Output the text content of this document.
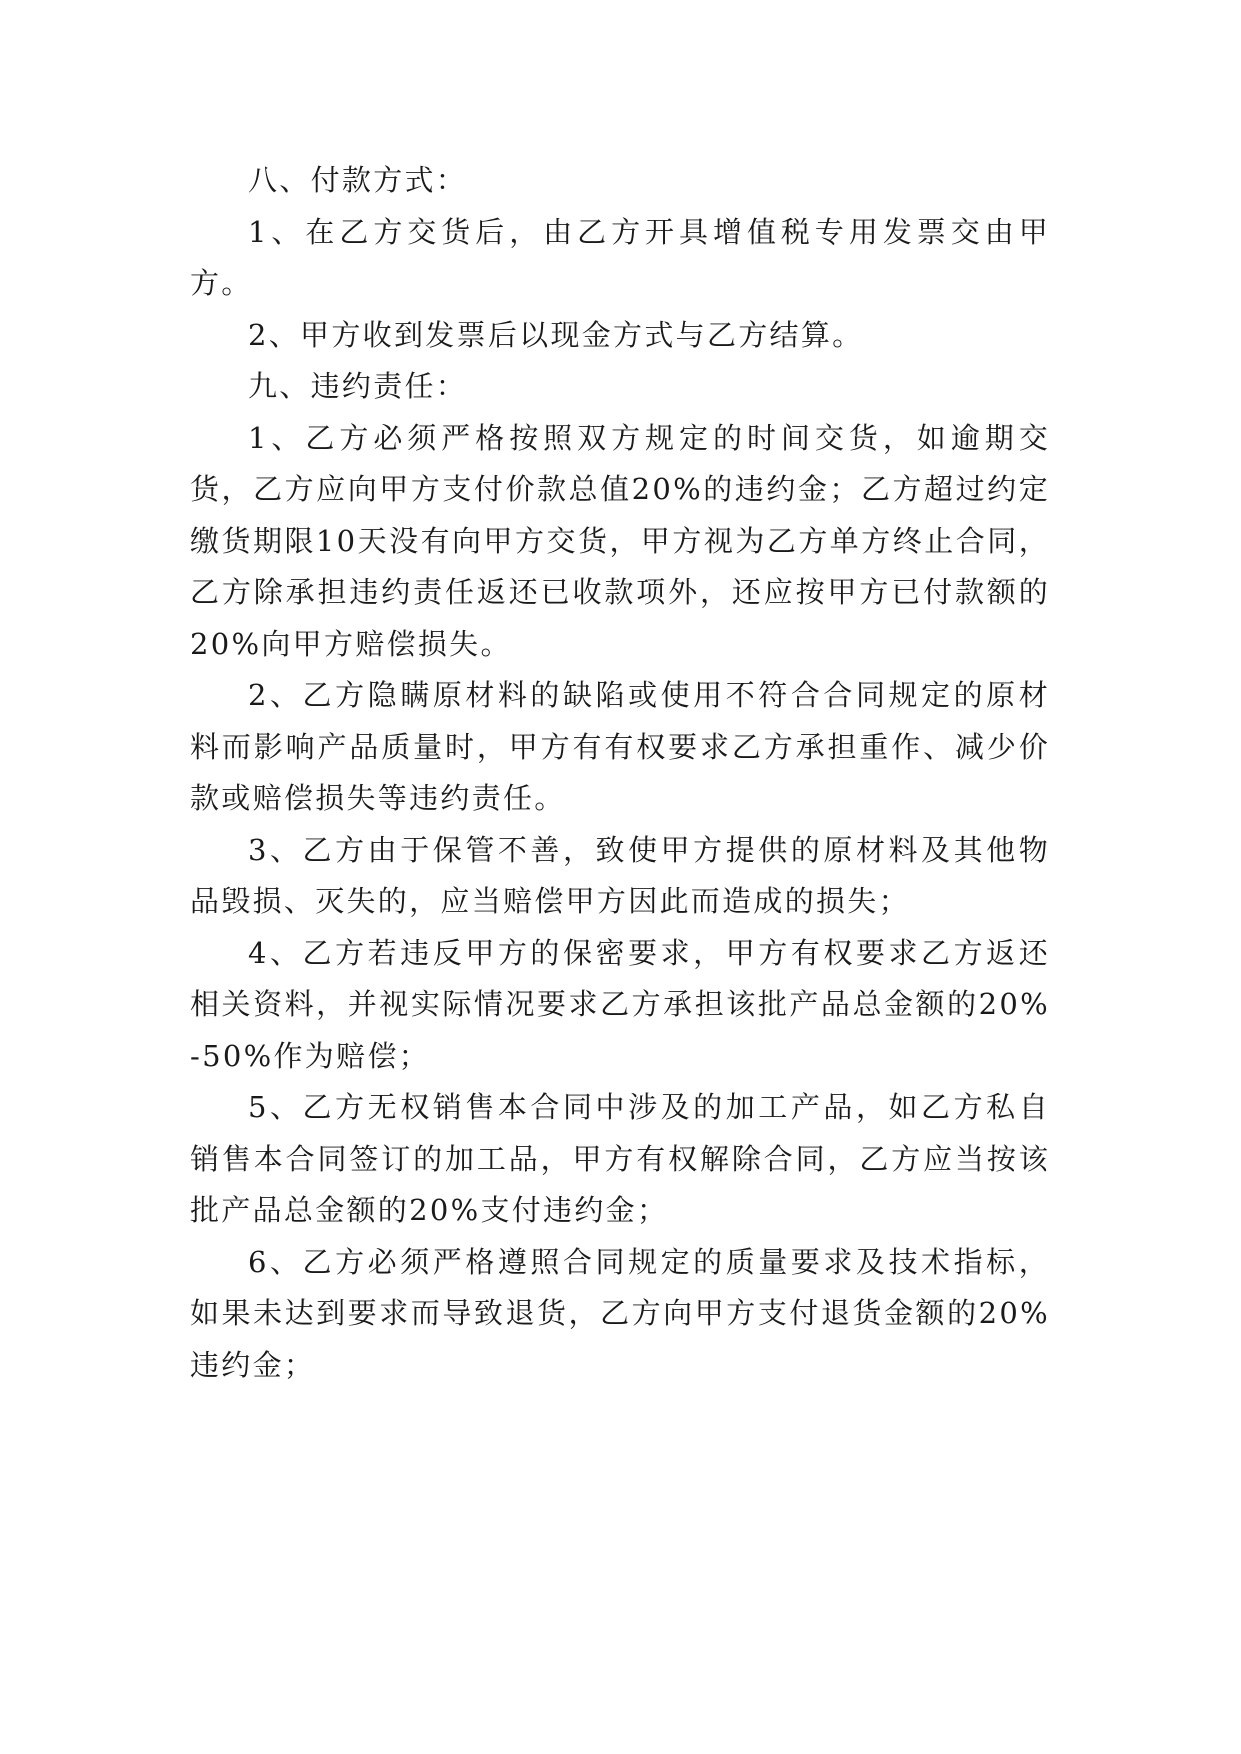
八、付款方式：

1、在乙方交货后，由乙方开具增值税专用发票交由甲方。

2、甲方收到发票后以现金方式与乙方结算。

九、违约责任：

1、乙方必须严格按照双方规定的时间交货，如逾期交货，乙方应向甲方支付价款总值20%的违约金；乙方超过约定缴货期限10天没有向甲方交货，甲方视为乙方单方终止合同，乙方除承担违约责任返还已收款项外，还应按甲方已付款额的20%向甲方赔偿损失。

2、乙方隐瞒原材料的缺陷或使用不符合合同规定的原材料而影响产品质量时，甲方有有权要求乙方承担重作、减少价款或赔偿损失等违约责任。

3、乙方由于保管不善，致使甲方提供的原材料及其他物品毁损、灭失的，应当赔偿甲方因此而造成的损失；

4、乙方若违反甲方的保密要求，甲方有权要求乙方返还相关资料，并视实际情况要求乙方承担该批产品总金额的20%-50%作为赔偿；

5、乙方无权销售本合同中涉及的加工产品，如乙方私自销售本合同签订的加工品，甲方有权解除合同，乙方应当按该批产品总金额的20%支付违约金；

6、乙方必须严格遵照合同规定的质量要求及技术指标，如果未达到要求而导致退货，乙方向甲方支付退货金额的20%违约金；
